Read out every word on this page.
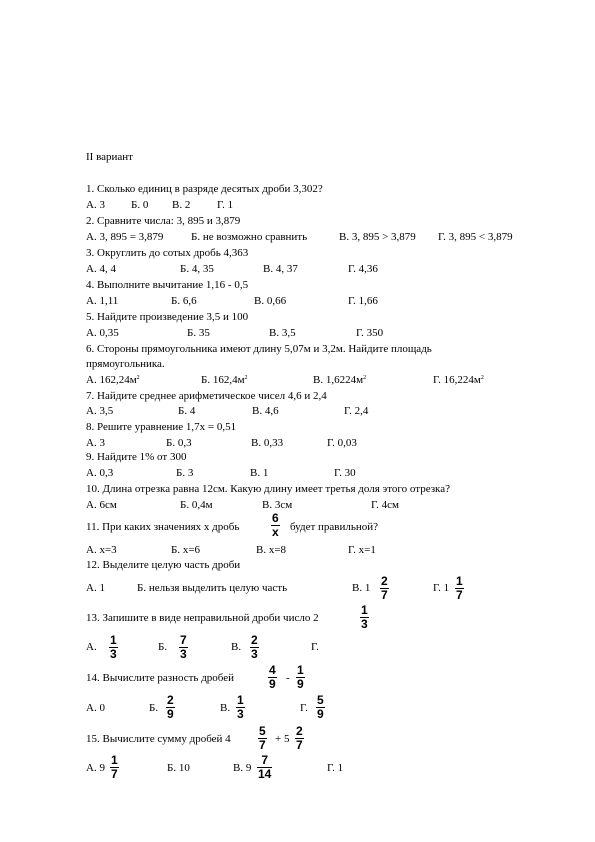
II вариант
1. Сколько единиц в разряде десятых дроби 3,302?
А. 3 Б. 0 В. 2 Г. 1
2. Сравните числа: 3, 895 и 3,879
А. 3, 895 = 3,879	Б. не возможно сравнить	В. 3, 895 > 3,879 Г. 3, 895 < 3,879
3. Округлить до сотых дробь 4,363
А. 4, 4	Б. 4, 35	В. 4, 37	Г. 4,36
4. Выполните вычитание 1,16 - 0,5
А. 1,11	Б. 6,6	В. 0,66	Г. 1,66
5. Найдите произведение 3,5 и 100
А. 0,35	Б. 35	В. 3,5	Г. 350
6. Стороны прямоугольника имеют длину 5,07м и 3,2м. Найдите площадь
прямоугольника.
А. $162,24м^2$	Б. $162,4м^2$	В. $1,6224м^2$	Г. $16,224м^2$
7. Найдите среднее арифметическое чисел 4,6 и 2,4
А. 3,5	Б. 4	В. 4,6	Г. 2,4
8. Решите уравнение 1,7х = 0,51
А. 3	Б. 0,3	В. 0,33	Г. 0,03
9. Найдите 1% от 300
А. 0,3	Б. 3	В. 1	Г. 30
10. Длина отрезка равна 12см. Какую длину имеет третья доля этого отрезка?
А. 6см	Б. 0,4м	В. 3см	Г. 4см
11. При каких значениях х дробь
6
x будет правильной?
А. х=3	Б. х=6	В. х=8	Г. х=1
12. Выделите целую часть дроби
А. 1	Б. нельзя выделить целую часть	В. 1 2
7
Г. 1 1
7
13. Запишите в виде неправильной дроби число 2
1
3
А. 1
3
Б. 7
3
В. 2
3
Г.
14. Вычислите разность дробей
4
9 -
1
9
А. 0	Б.
2
9	В.
1
3	Г.
5
9
15. Вычислите сумму дробей 4
5
7 + 5
2
7
А. 9
1
7	Б. 10	В. 9
7
14	Г. 1
